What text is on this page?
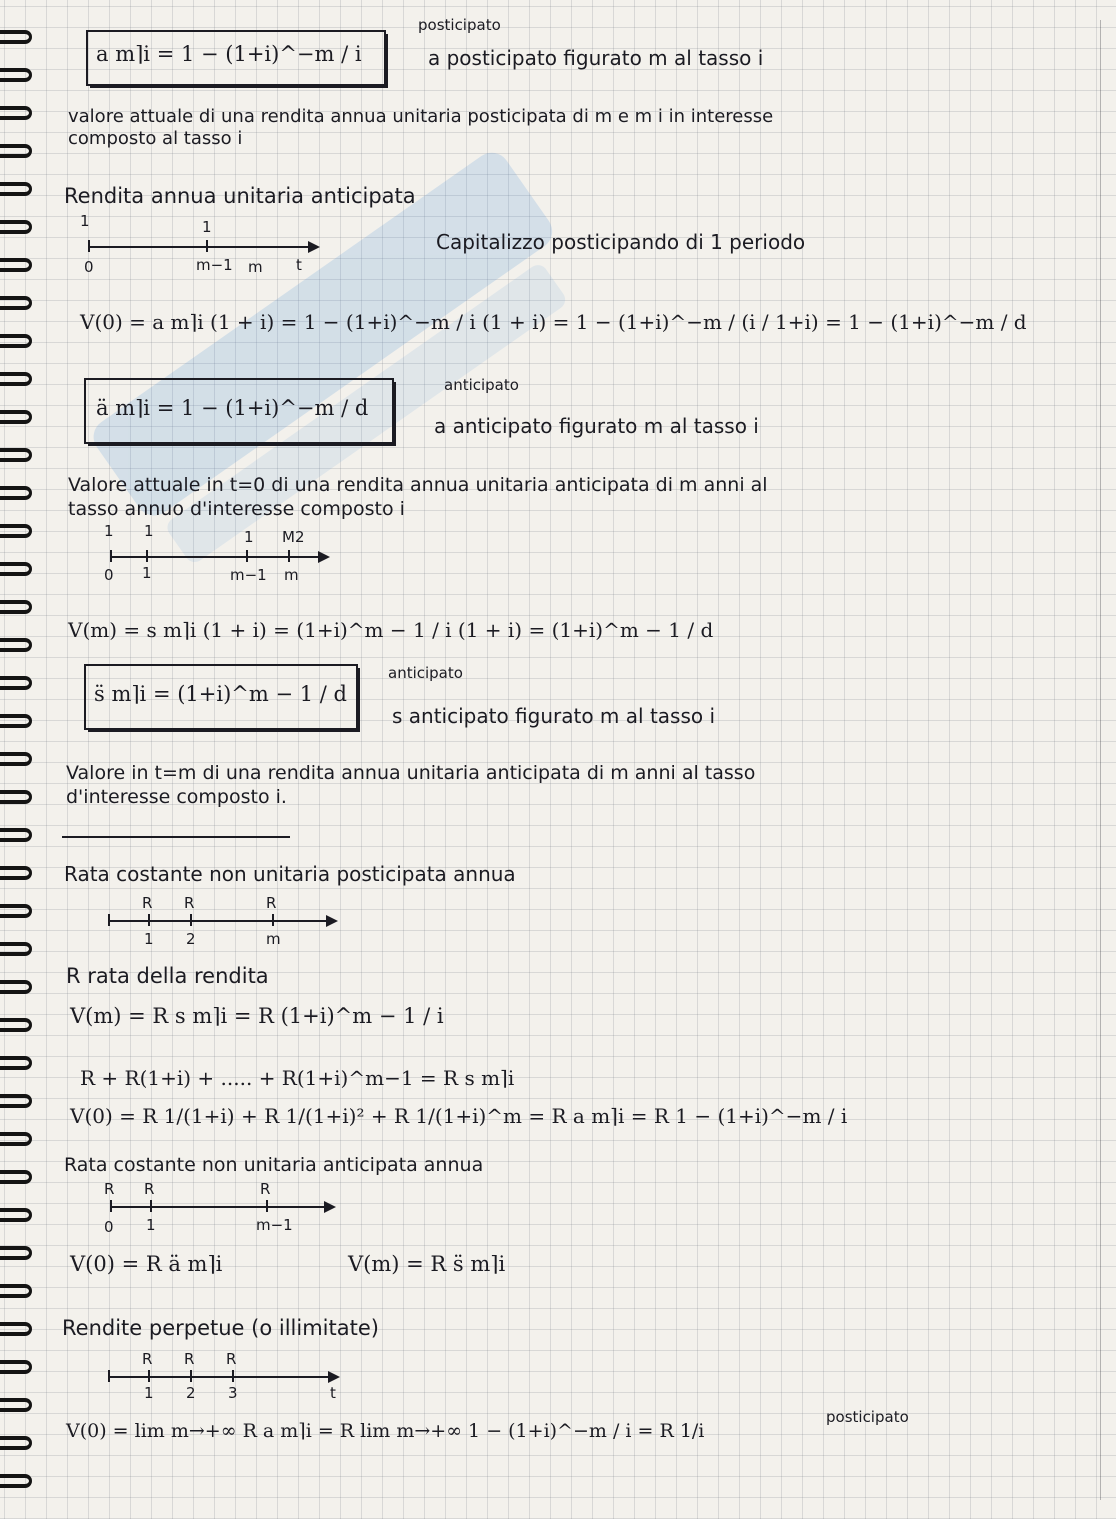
a m⌉i = 1 − (1+i)^−m / i
posticipato
a posticipato figurato m al tasso i
valore attuale di una rendita annua unitaria posticipata di m e m i in interesse
composto al tasso i
Rendita annua unitaria anticipata
1	1
0	m−1 m t
Capitalizzo posticipando di 1 periodo
V(0) = a m⌉i (1 + i) = 1 − (1+i)^−m / i (1 + i) = 1 − (1+i)^−m / (i / 1+i) = 1 − (1+i)^−m / d
ä m⌉i = 1 − (1+i)^−m / d
anticipato
a anticipato figurato m al tasso i
Valore attuale in t=0 di una rendita annua unitaria anticipata di m anni al
tasso annuo d'interesse composto i
1 1	1 M2
0 1	m−1 m
V(m) = s m⌉i (1 + i) = (1+i)^m − 1 / i (1 + i) = (1+i)^m − 1 / d
s̈ m⌉i = (1+i)^m − 1 / d
anticipato
s anticipato figurato m al tasso i
Valore in t=m di una rendita annua unitaria anticipata di m anni al tasso
d'interesse composto i.
Rata costante non unitaria posticipata annua
R R	R
1 2	m
R rata della rendita
V(m) = R s m⌉i = R (1+i)^m − 1 / i
R + R(1+i) + ..... + R(1+i)^m−1 = R s m⌉i
V(0) = R 1/(1+i) + R 1/(1+i)² + R 1/(1+i)^m = R a m⌉i = R 1 − (1+i)^−m / i
Rata costante non unitaria anticipata annua
R R	R
0 1	m−1
V(0) = R ä m⌉i	V(m) = R s̈ m⌉i
Rendite perpetue (o illimitate)
R R R
1 2 3	t
V(0) = lim m→+∞ R a m⌉i = R lim m→+∞ 1 − (1+i)^−m / i = R 1/i
posticipato
